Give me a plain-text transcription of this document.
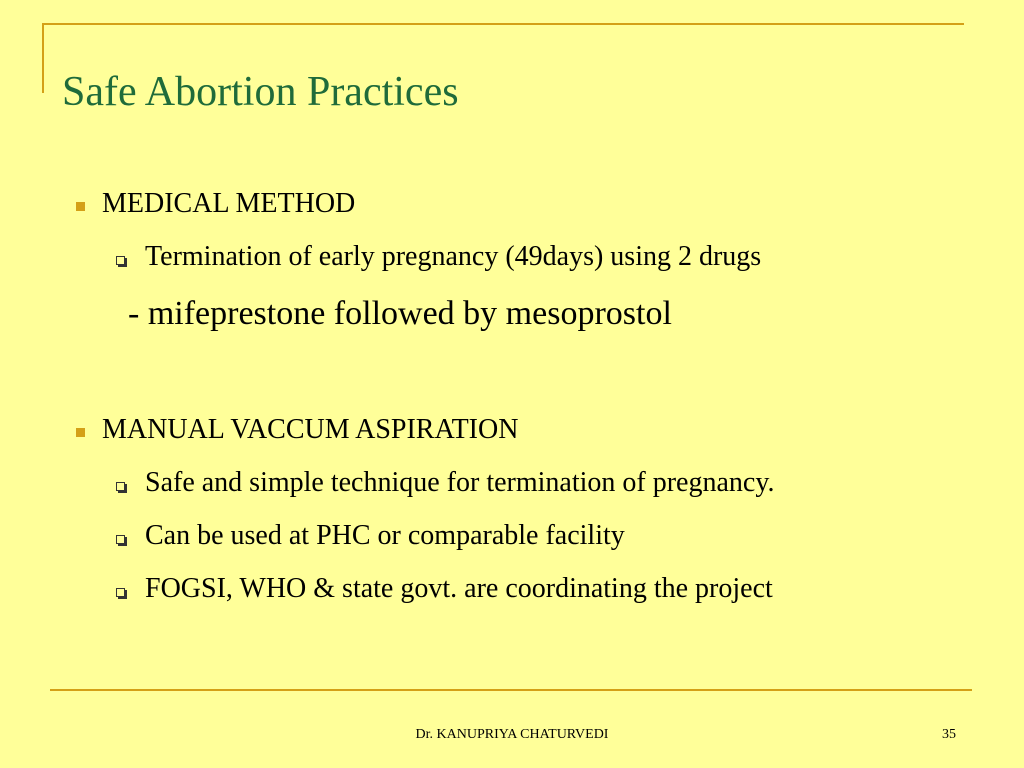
Safe Abortion Practices
MEDICAL METHOD
Termination of early pregnancy (49days) using 2 drugs
- mifeprestone followed by mesoprostol
MANUAL VACCUM ASPIRATION
Safe and simple technique for termination of pregnancy.
Can be used at PHC or comparable facility
FOGSI, WHO & state govt. are coordinating the project
Dr. KANUPRIYA CHATURVEDI	35
